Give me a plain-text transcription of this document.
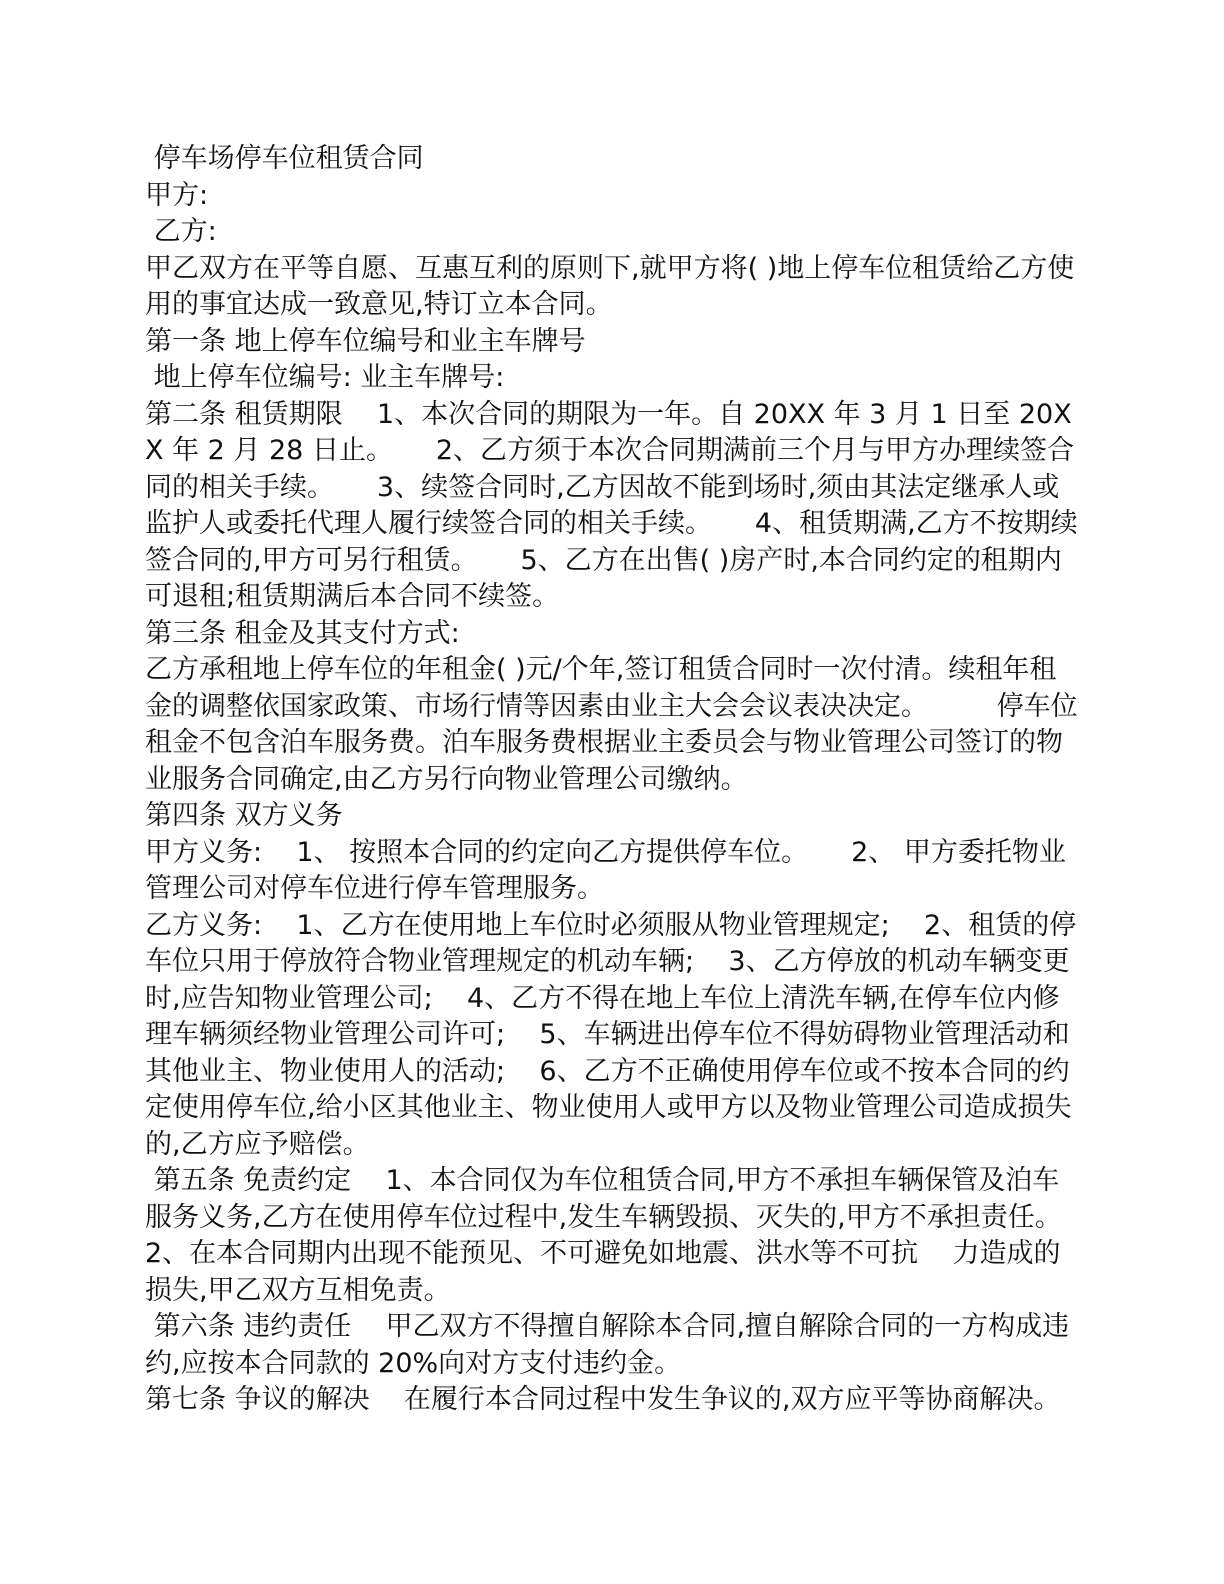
停车场停车位租赁合同

甲方:

乙方:

甲乙双方在平等自愿、互惠互利的原则下,就甲方将( )地上停车位租赁给乙方使用的事宜达成一致意见,特订立本合同。

第一条 地上停车位编号和业主车牌号

地上停车位编号: 业主车牌号:

第二条 租赁期限    1、本次合同的期限为一年。自 20XX 年 3 月 1 日至 20XX 年 2 月 28 日止。     2、乙方须于本次合同期满前三个月与甲方办理续签合同的相关手续。     3、续签合同时,乙方因故不能到场时,须由其法定继承人或监护人或委托代理人履行续签合同的相关手续。     4、租赁期满,乙方不按期续签合同的,甲方可另行租赁。     5、乙方在出售( )房产时,本合同约定的租期内可退租;租赁期满后本合同不续签。

第三条 租金及其支付方式:

乙方承租地上停车位的年租金( )元/个年,签订租赁合同时一次付清。续租年租金的调整依国家政策、市场行情等因素由业主大会会议表决决定。        停车位租金不包含泊车服务费。泊车服务费根据业主委员会与物业管理公司签订的物业服务合同确定,由乙方另行向物业管理公司缴纳。

第四条 双方义务

甲方义务:    1、 按照本合同的约定向乙方提供停车位。     2、 甲方委托物业管理公司对停车位进行停车管理服务。

乙方义务:    1、乙方在使用地上车位时必须服从物业管理规定;    2、租赁的停车位只用于停放符合物业管理规定的机动车辆;    3、乙方停放的机动车辆变更时,应告知物业管理公司;    4、乙方不得在地上车位上清洗车辆,在停车位内修理车辆须经物业管理公司许可;    5、车辆进出停车位不得妨碍物业管理活动和其他业主、物业使用人的活动;    6、乙方不正确使用停车位或不按本合同的约定使用停车位,给小区其他业主、物业使用人或甲方以及物业管理公司造成损失的,乙方应予赔偿。

第五条 免责约定    1、本合同仅为车位租赁合同,甲方不承担车辆保管及泊车服务义务,乙方在使用停车位过程中,发生车辆毁损、灭失的,甲方不承担责任。    2、在本合同期内出现不能预见、不可避免如地震、洪水等不可抗    力造成的损失,甲乙双方互相免责。

第六条 违约责任    甲乙双方不得擅自解除本合同,擅自解除合同的一方构成违约,应按本合同款的 20%向对方支付违约金。

第七条 争议的解决    在履行本合同过程中发生争议的,双方应平等协商解决。
